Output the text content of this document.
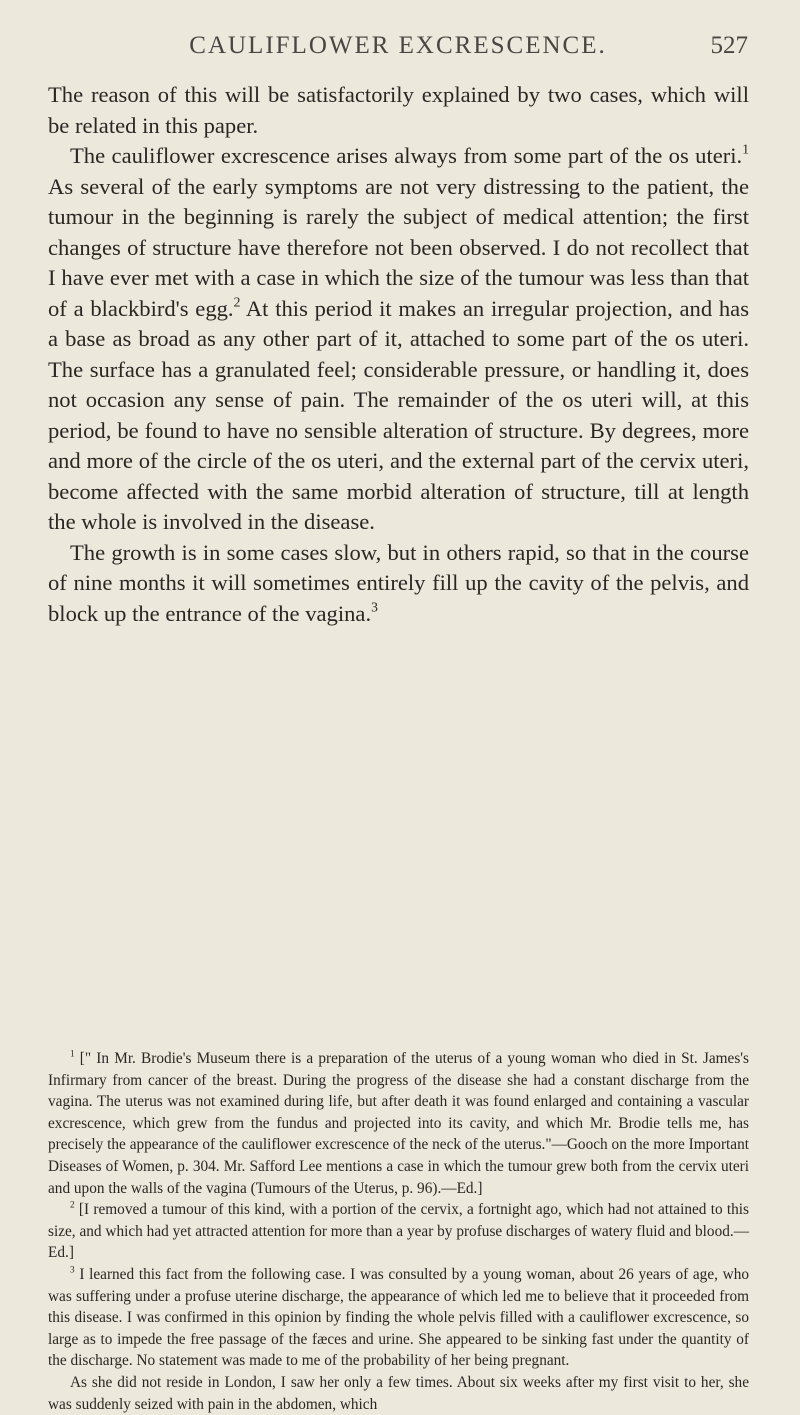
CAULIFLOWER EXCRESCENCE.	527

The reason of this will be satisfactorily explained by two cases, which will be related in this paper.

The cauliflower excrescence arises always from some part of the os uteri.$^1$ As several of the early symptoms are not very distressing to the patient, the tumour in the beginning is rarely the subject of medical attention; the first changes of structure have therefore not been observed. I do not recollect that I have ever met with a case in which the size of the tumour was less than that of a blackbird's egg.$^2$ At this period it makes an irregular projection, and has a base as broad as any other part of it, attached to some part of the os uteri. The surface has a granulated feel; considerable pressure, or handling it, does not occasion any sense of pain. The remainder of the os uteri will, at this period, be found to have no sensible alteration of structure. By degrees, more and more of the circle of the os uteri, and the external part of the cervix uteri, become affected with the same morbid alteration of structure, till at length the whole is involved in the disease.

The growth is in some cases slow, but in others rapid, so that in the course of nine months it will sometimes entirely fill up the cavity of the pelvis, and block up the entrance of the vagina.$^3$

$^1$ [" In Mr. Brodie's Museum there is a preparation of the uterus of a young woman who died in St. James's Infirmary from cancer of the breast. During the progress of the disease she had a constant discharge from the vagina. The uterus was not examined during life, but after death it was found enlarged and containing a vascular excrescence, which grew from the fundus and projected into its cavity, and which Mr. Brodie tells me, has precisely the appearance of the cauliflower excrescence of the neck of the uterus."—Gooch on the more Important Diseases of Women, p. 304. Mr. Safford Lee mentions a case in which the tumour grew both from the cervix uteri and upon the walls of the vagina (Tumours of the Uterus, p. 96).—Ed.]

$^2$ [I removed a tumour of this kind, with a portion of the cervix, a fortnight ago, which had not attained to this size, and which had yet attracted attention for more than a year by profuse discharges of watery fluid and blood.—Ed.]

$^3$ I learned this fact from the following case. I was consulted by a young woman, about 26 years of age, who was suffering under a profuse uterine discharge, the appearance of which led me to believe that it proceeded from this disease. I was confirmed in this opinion by finding the whole pelvis filled with a cauliflower excrescence, so large as to impede the free passage of the fæces and urine. She appeared to be sinking fast under the quantity of the discharge. No statement was made to me of the probability of her being pregnant.

As she did not reside in London, I saw her only a few times. About six weeks after my first visit to her, she was suddenly seized with pain in the abdomen, which
